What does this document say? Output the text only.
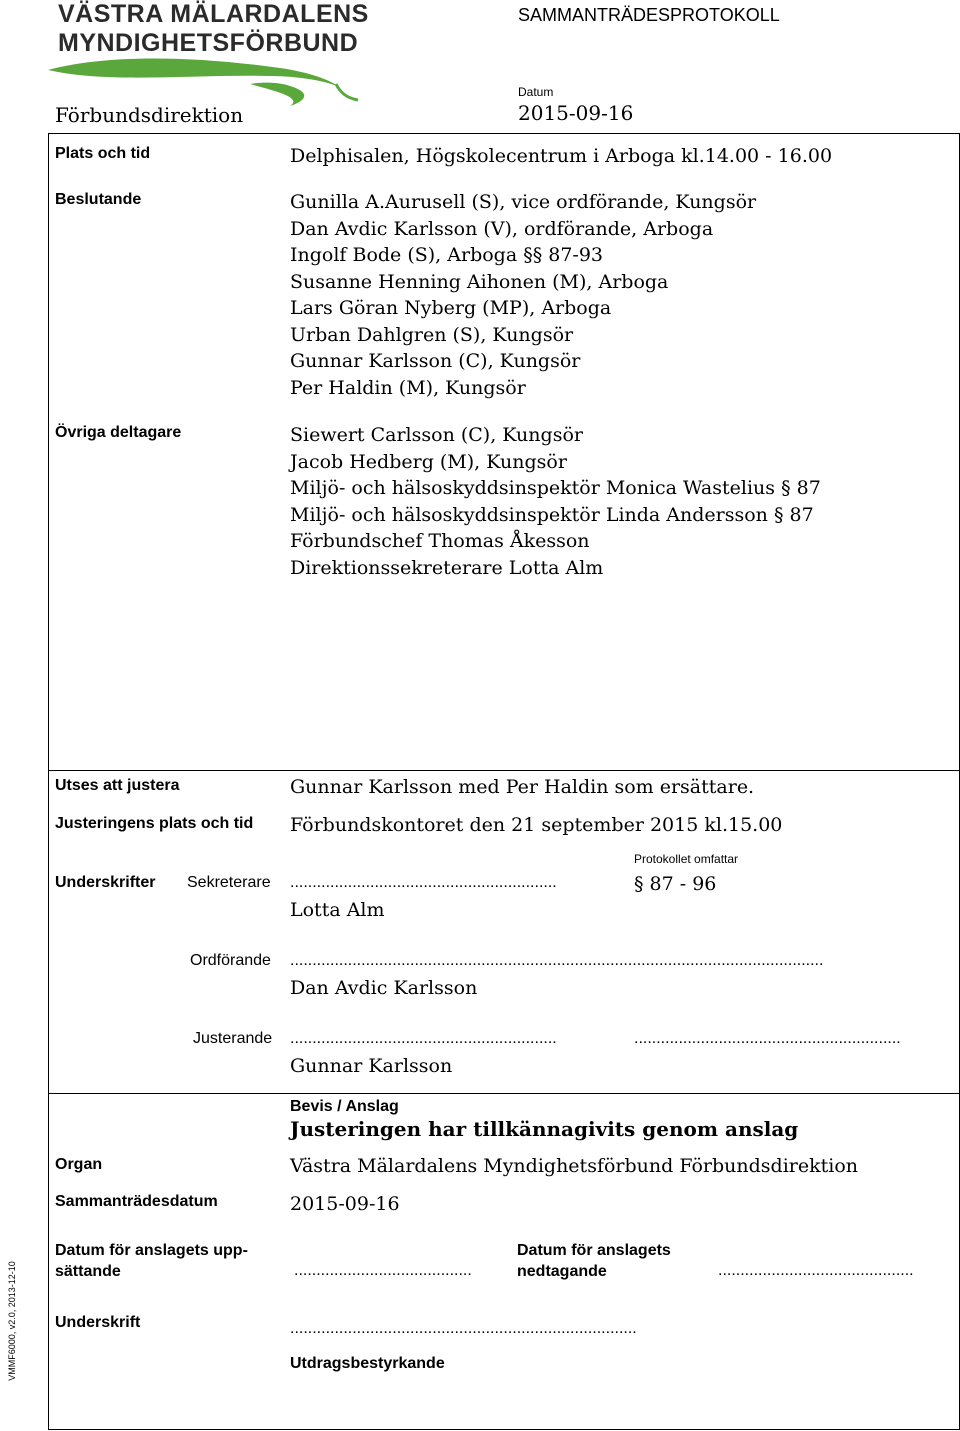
VÄSTRA MÄLARDALENS
MYNDIGHETSFÖRBUND
Förbundsdirektion
SAMMANTRÄDESPROTOKOLL
Datum
2015-09-16
Plats och tid	Delphisalen, Högskolecentrum i Arboga kl.14.00 - 16.00
Beslutande	Gunilla A.Aurusell (S), vice ordförande, Kungsör
Dan Avdic Karlsson (V), ordförande, Arboga
Ingolf Bode (S), Arboga §§ 87-93
Susanne Henning Aihonen (M), Arboga
Lars Göran Nyberg (MP), Arboga
Urban Dahlgren (S), Kungsör
Gunnar Karlsson (C), Kungsör
Per Haldin (M), Kungsör
Övriga deltagare	Siewert Carlsson (C), Kungsör
Jacob Hedberg (M), Kungsör
Miljö- och hälsoskyddsinspektör Monica Wastelius § 87
Miljö- och hälsoskyddsinspektör Linda Andersson § 87
Förbundschef Thomas Åkesson
Direktionssekreterare Lotta Alm
Utses att justera	Gunnar Karlsson med Per Haldin som ersättare.
Justeringens plats och tid Förbundskontoret den 21 september 2015 kl.15.00
Protokollet omfattar
§ 87 - 96
Underskrifter Sekreterare ............................................................
Lotta Alm
Ordförande ........................................................................................................................
Dan Avdic Karlsson
Justerande ............................................................	............................................................
Gunnar Karlsson
Bevis / Anslag
Justeringen har tillkännagivits genom anslag
Organ	Västra Mälardalens Myndighetsförbund Förbundsdirektion
Sammanträdesdatum	2015-09-16
Datum för anslagets upp-
sättande	........................................
Datum för anslagets
nedtagande	............................................
Underskrift	..............................................................................
Utdragsbestyrkande
VMMF6000, v2.0, 2013-12-10
